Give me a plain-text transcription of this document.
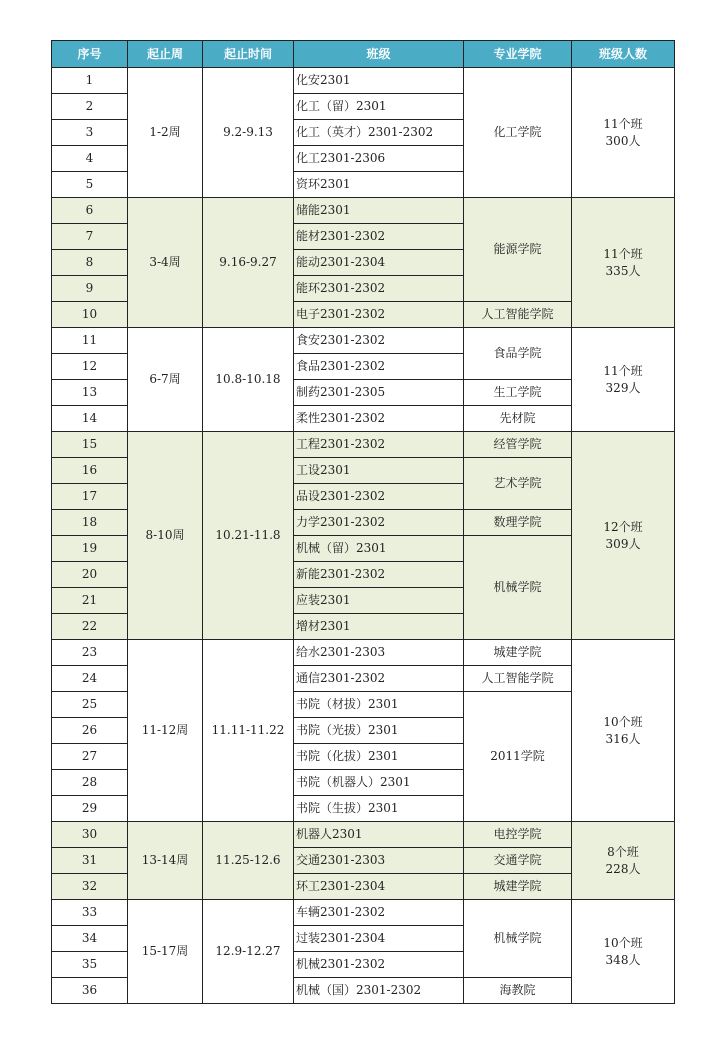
序号	起止周	起止时间	班级	专业学院	班级人数
1	1-2周	9.2-9.13	化安2301	化工学院	11个班
300人

2			化工（留）2301		
3			化工（英才）2301-2302		
4			化工2301-2306		
5			资环2301		
6	3-4周	9.16-9.27	储能2301	能源学院	11个班
335人

7			能材2301-2302		
8			能动2301-2304		
9			能环2301-2302		
10			电子2301-2302	人工智能学院	
11	6-7周	10.8-10.18	食安2301-2302	食品学院	11个班
329人

12			食品2301-2302		
13			制药2301-2305	生工学院	
14			柔性2301-2302	先材院	
15	8-10周	10.21-11.8	工程2301-2302	经管学院	12个班
309人

16			工设2301	艺术学院	
17			品设2301-2302		
18			力学2301-2302	数理学院	
19			机械（留）2301	机械学院	
20			新能2301-2302		
21			应装2301		
22			增材2301		
23	11-12周	11.11-11.22	给水2301-2303	城建学院	10个班
316人

24			通信2301-2302	人工智能学院	
25			书院（材拔）2301	2011学院	
26			书院（光拔）2301		
27			书院（化拔）2301		
28			书院（机器人）2301		
29			书院（生拔）2301		
30	13-14周	11.25-12.6	机器人2301	电控学院	8个班
228人

31			交通2301-2303	交通学院	
32			环工2301-2304	城建学院	
33	15-17周	12.9-12.27	车辆2301-2302	机械学院	10个班
348人

34			过装2301-2304		
35			机械2301-2302		
36			机械（国）2301-2302	海教院	
